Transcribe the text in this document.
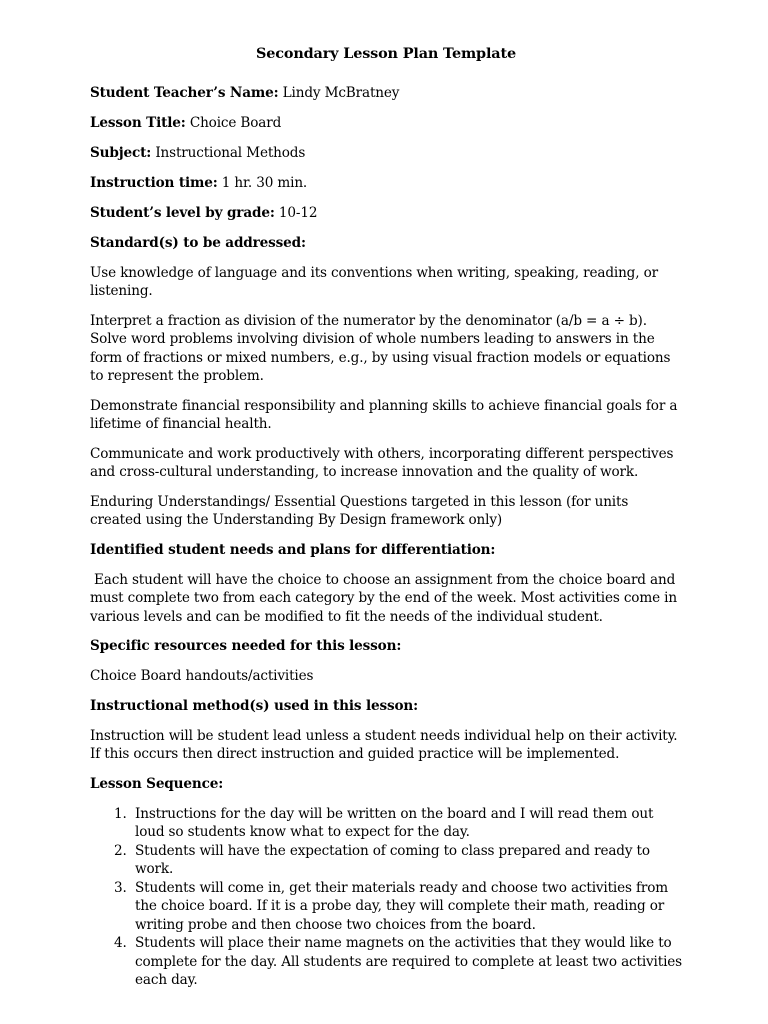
Secondary Lesson Plan Template
Student Teacher’s Name: Lindy McBratney
Lesson Title: Choice Board
Subject: Instructional Methods
Instruction time: 1 hr. 30 min.
Student’s level by grade: 10-12
Standard(s) to be addressed:
Use knowledge of language and its conventions when writing, speaking, reading, or listening.
Interpret a fraction as division of the numerator by the denominator (a/b = a ÷ b). Solve word problems involving division of whole numbers leading to answers in the form of fractions or mixed numbers, e.g., by using visual fraction models or equations to represent the problem.
Demonstrate financial responsibility and planning skills to achieve financial goals for a lifetime of financial health.
Communicate and work productively with others, incorporating different perspectives and cross-cultural understanding, to increase innovation and the quality of work.
Enduring Understandings/ Essential Questions targeted in this lesson (for units created using the Understanding By Design framework only)
Identified student needs and plans for differentiation:
Each student will have the choice to choose an assignment from the choice board and must complete two from each category by the end of the week. Most activities come in various levels and can be modified to fit the needs of the individual student.
Specific resources needed for this lesson:
Choice Board handouts/activities
Instructional method(s) used in this lesson:
Instruction will be student lead unless a student needs individual help on their activity. If this occurs then direct instruction and guided practice will be implemented.
Lesson Sequence:
1. Instructions for the day will be written on the board and I will read them out loud so students know what to expect for the day.
2. Students will have the expectation of coming to class prepared and ready to work.
3. Students will come in, get their materials ready and choose two activities from the choice board. If it is a probe day, they will complete their math, reading or writing probe and then choose two choices from the board.
4. Students will place their name magnets on the activities that they would like to complete for the day. All students are required to complete at least two activities each day.
